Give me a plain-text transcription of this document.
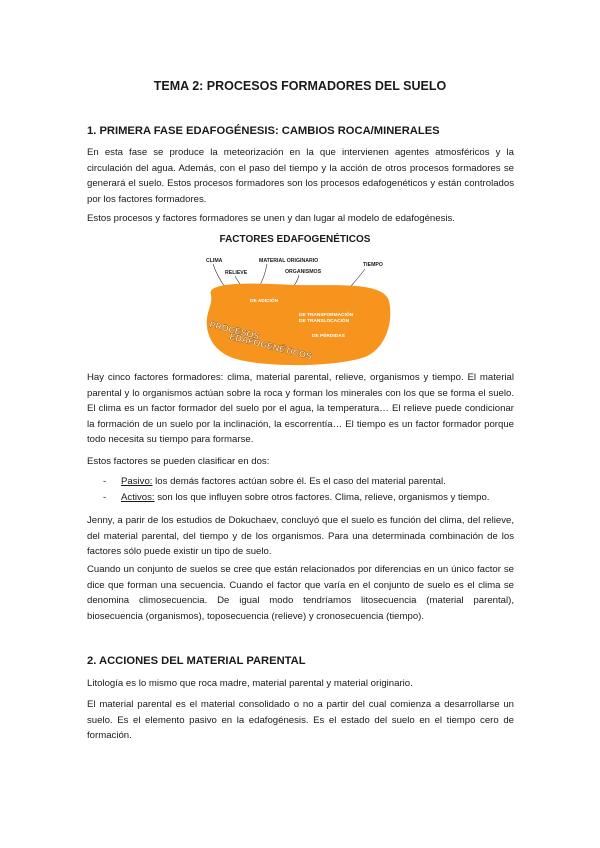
TEMA 2: PROCESOS FORMADORES DEL SUELO
1. PRIMERA FASE EDAFOGÉNESIS: CAMBIOS ROCA/MINERALES

En esta fase se produce la meteorización en la que intervienen agentes atmosféricos y la circulación del agua. Además, con el paso del tiempo y la acción de otros procesos formadores se generará el suelo. Estos procesos formadores son los procesos edafogenéticos y están controlados por los factores formadores.

Estos procesos y factores formadores se unen y dan lugar al modelo de edafogénesis.

FACTORES EDAFOGENÉTICOS
CLIMA
RELIEVE
MATERIAL ORIGINARIO
ORGANISMOS
TIEMPO
DE ADICIÓN
DE TRANSFORMACIÓN
DE TRANSLOCACIÓN
DE PÉRDIDAS
PROCESOS
EDAFOGENÉTICOS

Hay cinco factores formadores: clima, material parental, relieve, organismos y tiempo. El material parental y lo organismos actúan sobre la roca y forman los minerales con los que se forma el suelo. El clima es un factor formador del suelo por el agua, la temperatura… El relieve puede condicionar la formación de un suelo por la inclinación, la escorrentía… El tiempo es un factor formador porque todo necesita su tiempo para formarse.

Estos factores se pueden clasificar en dos:

- Pasivo: los demás factores actúan sobre él. Es el caso del material parental.
- Activos: son los que influyen sobre otros factores. Clima, relieve, organismos y tiempo.

Jenny, a parir de los estudios de Dokuchaev, concluyó que el suelo es función del clima, del relieve, del material parental, del tiempo y de los organismos. Para una determinada combinación de los factores sólo puede existir un tipo de suelo.

Cuando un conjunto de suelos se cree que están relacionados por diferencias en un único factor se dice que forman una secuencia. Cuando el factor que varía en el conjunto de suelo es el clima se denomina climosecuencia. De igual modo tendríamos litosecuencia (material parental), biosecuencia (organismos), toposecuencia (relieve) y cronosecuencia (tiempo).

2. ACCIONES DEL MATERIAL PARENTAL

Litología es lo mismo que roca madre, material parental y material originario.

El material parental es el material consolidado o no a partir del cual comienza a desarrollarse un suelo. Es el elemento pasivo en la edafogénesis. Es el estado del suelo en el tiempo cero de formación.
